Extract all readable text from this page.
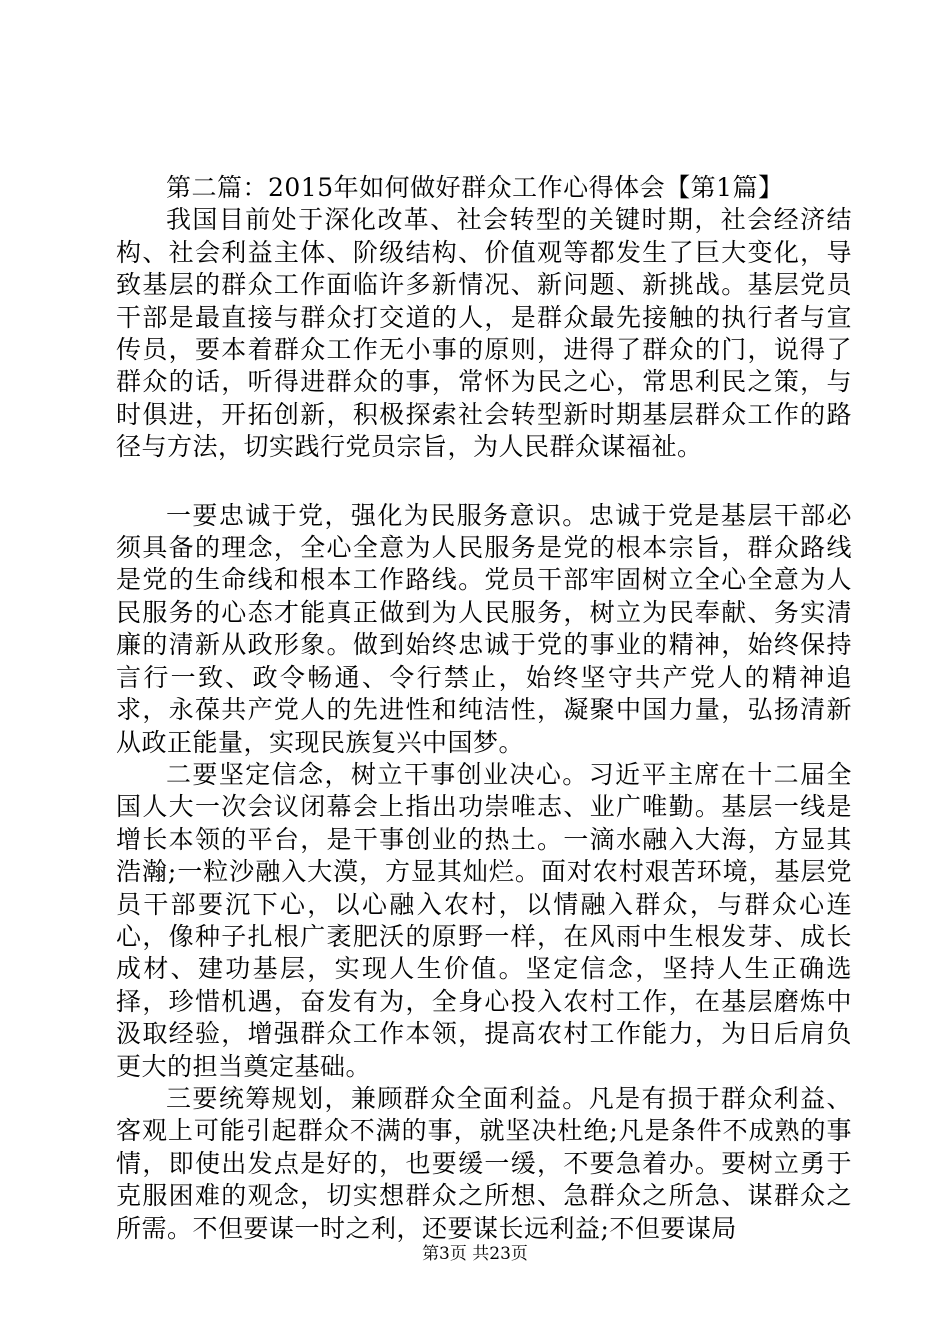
第二篇：2015年如何做好群众工作心得体会【第1篇】

我国目前处于深化改革、社会转型的关键时期，社会经济结构、社会利益主体、阶级结构、价值观等都发生了巨大变化，导致基层的群众工作面临许多新情况、新问题、新挑战。基层党员干部是最直接与群众打交道的人，是群众最先接触的执行者与宣传员，要本着群众工作无小事的原则，进得了群众的门，说得了群众的话，听得进群众的事，常怀为民之心，常思利民之策，与时俱进，开拓创新，积极探索社会转型新时期基层群众工作的路径与方法，切实践行党员宗旨，为人民群众谋福祉。

一要忠诚于党，强化为民服务意识。忠诚于党是基层干部必须具备的理念，全心全意为人民服务是党的根本宗旨，群众路线是党的生命线和根本工作路线。党员干部牢固树立全心全意为人民服务的心态才能真正做到为人民服务，树立为民奉献、务实清廉的清新从政形象。做到始终忠诚于党的事业的精神，始终保持言行一致、政令畅通、令行禁止，始终坚守共产党人的精神追求，永葆共产党人的先进性和纯洁性，凝聚中国力量，弘扬清新从政正能量，实现民族复兴中国梦。

二要坚定信念，树立干事创业决心。习近平主席在十二届全国人大一次会议闭幕会上指出功崇唯志、业广唯勤。基层一线是增长本领的平台，是干事创业的热土。一滴水融入大海，方显其浩瀚;一粒沙融入大漠，方显其灿烂。面对农村艰苦环境，基层党员干部要沉下心，以心融入农村，以情融入群众，与群众心连心，像种子扎根广袤肥沃的原野一样，在风雨中生根发芽、成长成材、建功基层，实现人生价值。坚定信念，坚持人生正确选择，珍惜机遇，奋发有为，全身心投入农村工作，在基层磨炼中汲取经验，增强群众工作本领，提高农村工作能力，为日后肩负更大的担当奠定基础。

三要统筹规划，兼顾群众全面利益。凡是有损于群众利益、客观上可能引起群众不满的事，就坚决杜绝;凡是条件不成熟的事情，即使出发点是好的，也要缓一缓，不要急着办。要树立勇于克服困难的观念，切实想群众之所想、急群众之所急、谋群众之所需。不但要谋一时之利，还要谋长远利益;不但要谋局

第3页 共23页
